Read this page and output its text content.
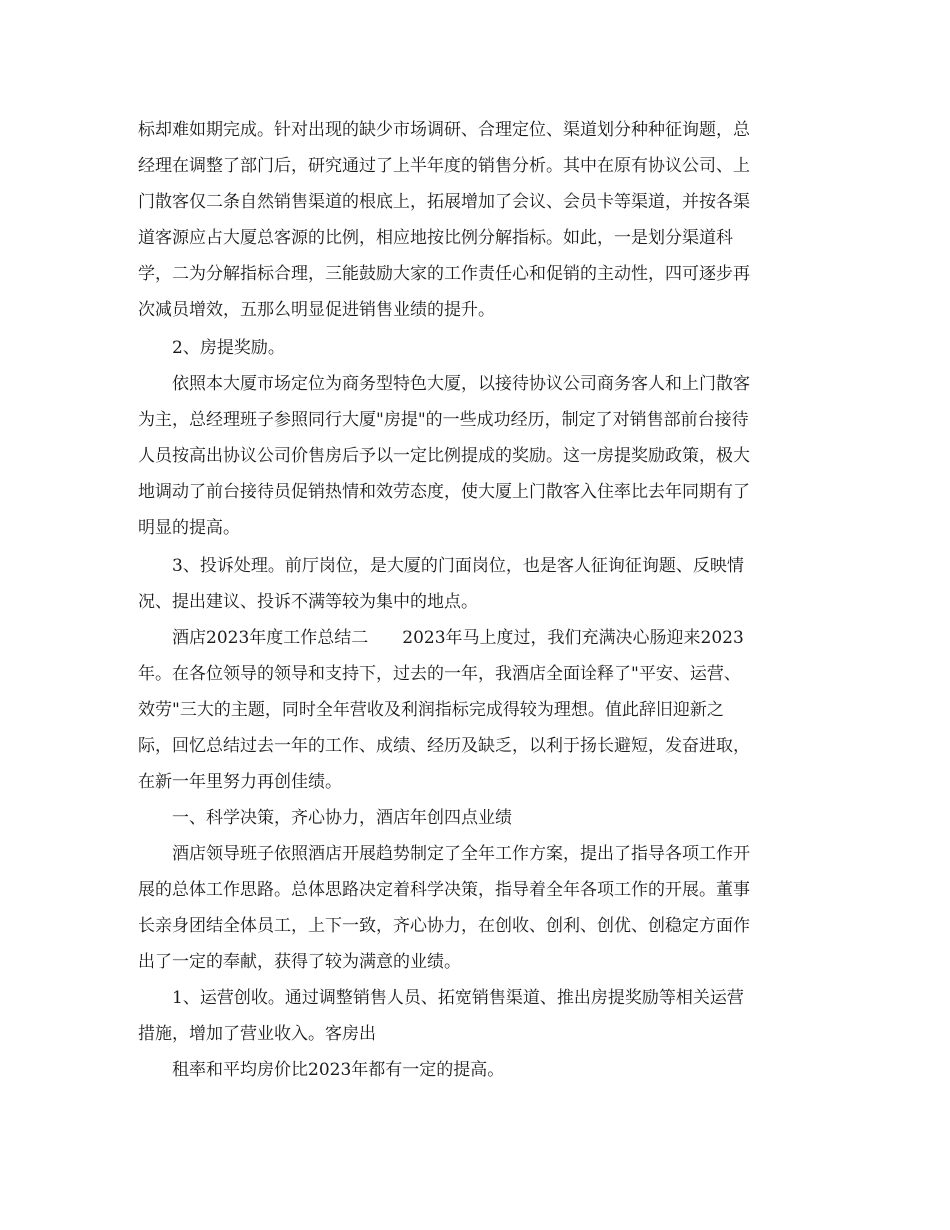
标却难如期完成。针对出现的缺少市场调研、合理定位、渠道划分种种征询题，总
经理在调整了部门后，研究通过了上半年度的销售分析。其中在原有协议公司、上
门散客仅二条自然销售渠道的根底上，拓展增加了会议、会员卡等渠道，并按各渠
道客源应占大厦总客源的比例，相应地按比例分解指标。如此，一是划分渠道科
学，二为分解指标合理，三能鼓励大家的工作责任心和促销的主动性，四可逐步再
次减员增效，五那么明显促进销售业绩的提升。
2、房提奖励。
依照本大厦市场定位为商务型特色大厦，以接待协议公司商务客人和上门散客
为主，总经理班子参照同行大厦"房提"的一些成功经历，制定了对销售部前台接待
人员按高出协议公司价售房后予以一定比例提成的奖励。这一房提奖励政策，极大
地调动了前台接待员促销热情和效劳态度，使大厦上门散客入住率比去年同期有了
明显的提高。
3、投诉处理。前厅岗位，是大厦的门面岗位，也是客人征询征询题、反映情
况、提出建议、投诉不满等较为集中的地点。
酒店2023年度工作总结二　　2023年马上度过，我们充满决心肠迎来2023
年。在各位领导的领导和支持下，过去的一年，我酒店全面诠释了"平安、运营、
效劳"三大的主题，同时全年营收及利润指标完成得较为理想。值此辞旧迎新之
际，回忆总结过去一年的工作、成绩、经历及缺乏，以利于扬长避短，发奋进取，
在新一年里努力再创佳绩。
一、科学决策，齐心协力，酒店年创四点业绩
酒店领导班子依照酒店开展趋势制定了全年工作方案，提出了指导各项工作开
展的总体工作思路。总体思路决定着科学决策，指导着全年各项工作的开展。董事
长亲身团结全体员工，上下一致，齐心协力，在创收、创利、创优、创稳定方面作
出了一定的奉献，获得了较为满意的业绩。
1、运营创收。通过调整销售人员、拓宽销售渠道、推出房提奖励等相关运营
措施，增加了营业收入。客房出
租率和平均房价比2023年都有一定的提高。
